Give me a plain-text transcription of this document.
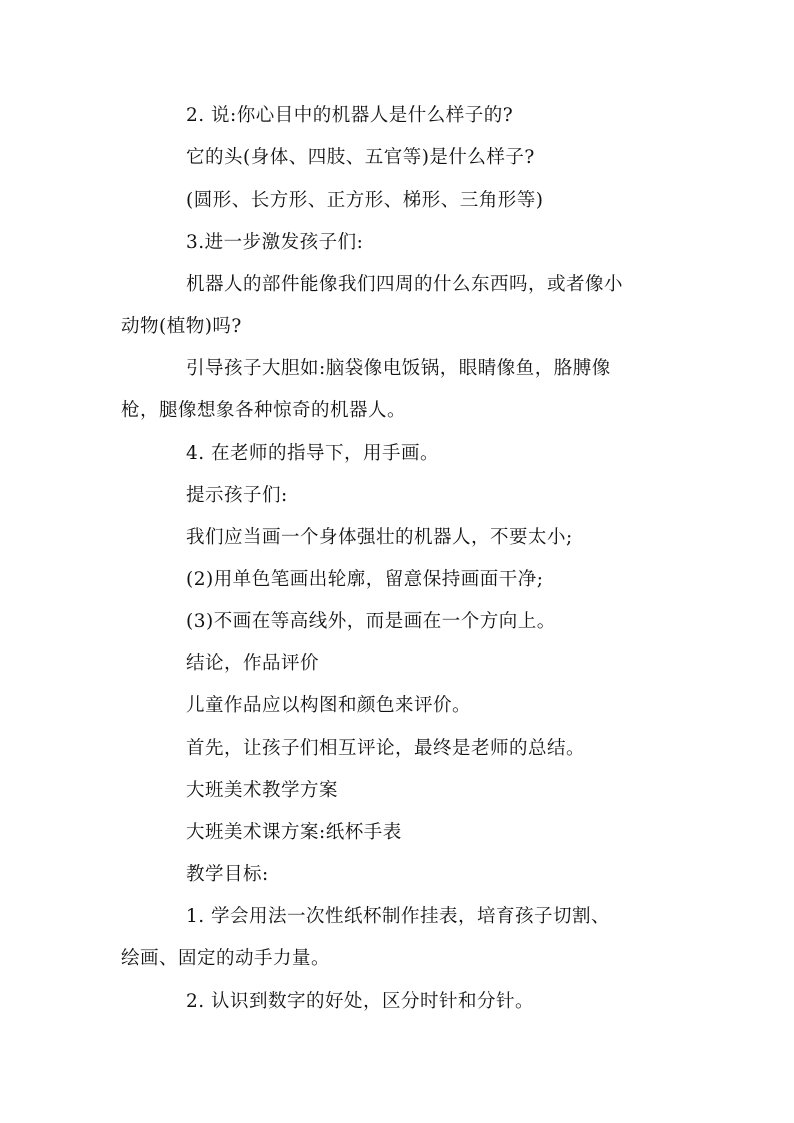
2. 说:你心目中的机器人是什么样子的?
它的头(身体、四肢、五官等)是什么样子?
(圆形、长方形、正方形、梯形、三角形等)
3.进一步激发孩子们:
机器人的部件能像我们四周的什么东西吗，或者像小
动物(植物)吗?
引导孩子大胆如:脑袋像电饭锅，眼睛像鱼，胳膊像
枪，腿像想象各种惊奇的机器人。
4. 在老师的指导下，用手画。
提示孩子们:
我们应当画一个身体强壮的机器人，不要太小;
(2)用单色笔画出轮廓，留意保持画面干净;
(3)不画在等高线外，而是画在一个方向上。
结论，作品评价
儿童作品应以构图和颜色来评价。
首先，让孩子们相互评论，最终是老师的总结。
大班美术教学方案
大班美术课方案:纸杯手表
教学目标:
1. 学会用法一次性纸杯制作挂表，培育孩子切割、
绘画、固定的动手力量。
2. 认识到数字的好处，区分时针和分针。
